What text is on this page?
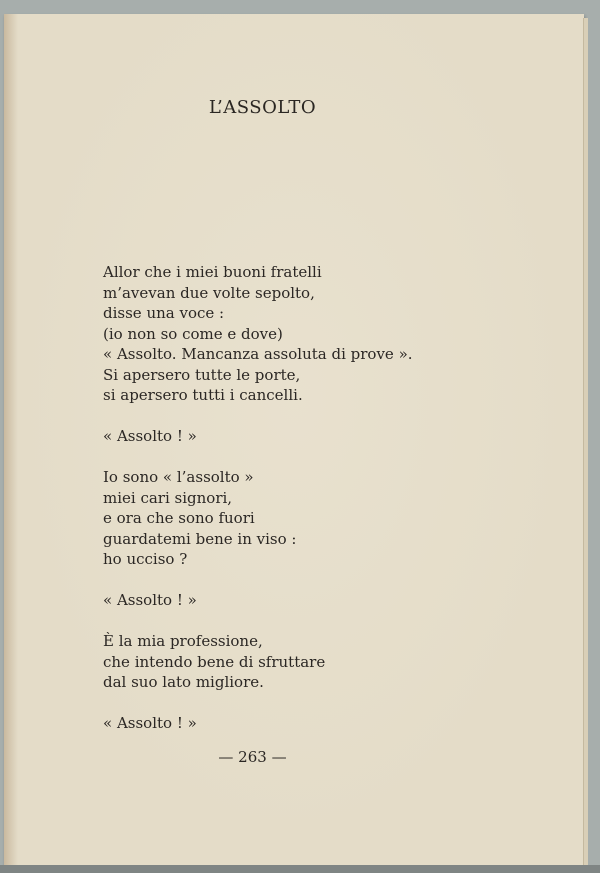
L’ASSOLTO
Allor che i miei buoni fratelli
m’avevan due volte sepolto,
disse una voce :
(io non so come e dove)
« Assolto. Mancanza assoluta di prove ».
Si apersero tutte le porte,
si apersero tutti i cancelli.
« Assolto ! »
Io sono « l’assolto »
miei cari signori,
e ora che sono fuori
guardatemi bene in viso :
ho ucciso ?
« Assolto ! »
È la mia professione,
che intendo bene di sfruttare
dal suo lato migliore.
« Assolto ! »
— 263 —
